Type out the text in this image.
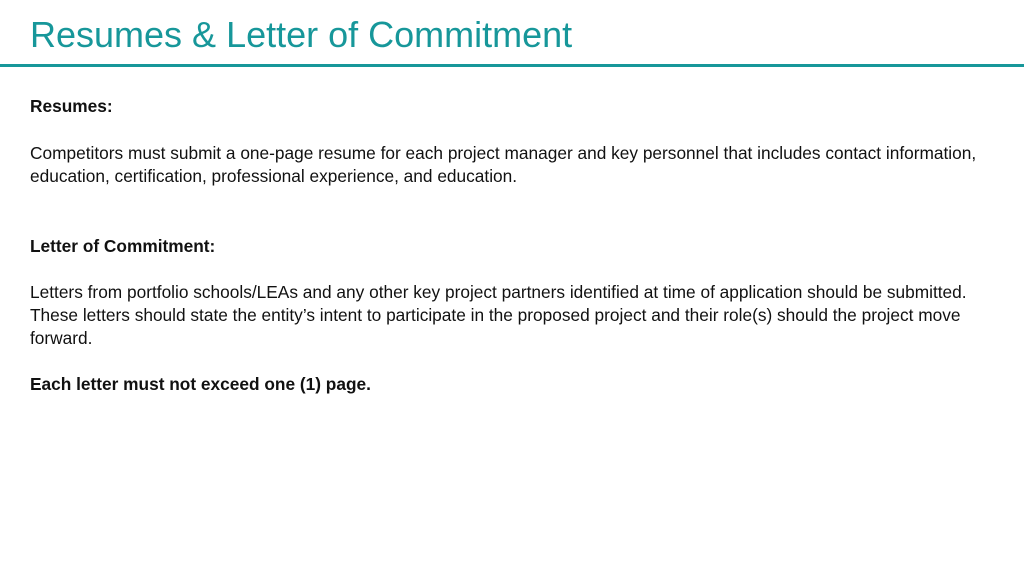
Resumes & Letter of Commitment

Resumes:

Competitors must submit a one-page resume for each project manager and key personnel that includes contact information, education, certification, professional experience, and education.

Letter of Commitment:

Letters from portfolio schools/LEAs and any other key project partners identified at time of application should be submitted. These letters should state the entity’s intent to participate in the proposed project and their role(s) should the project move forward.

Each letter must not exceed one (1) page.
